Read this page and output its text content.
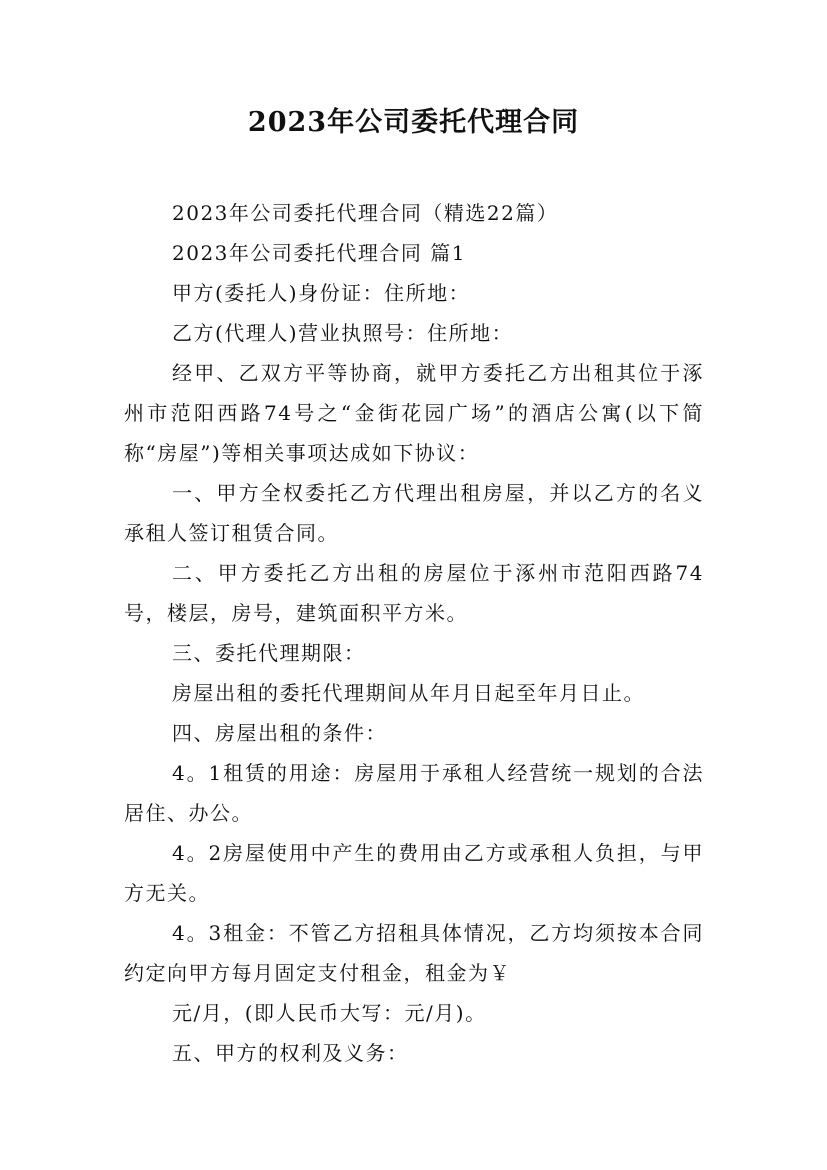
2023年公司委托代理合同

2023年公司委托代理合同（精选22篇）

2023年公司委托代理合同 篇1

甲方(委托人)身份证：住所地：

乙方(代理人)营业执照号：住所地：

经甲、乙双方平等协商，就甲方委托乙方出租其位于涿州市范阳西路74号之“金街花园广场”的酒店公寓(以下简称“房屋”)等相关事项达成如下协议：

一、甲方全权委托乙方代理出租房屋，并以乙方的名义承租人签订租赁合同。

二、甲方委托乙方出租的房屋位于涿州市范阳西路74号，楼层，房号，建筑面积平方米。

三、委托代理期限：

房屋出租的委托代理期间从年月日起至年月日止。

四、房屋出租的条件：

4。1租赁的用途：房屋用于承租人经营统一规划的合法居住、办公。

4。2房屋使用中产生的费用由乙方或承租人负担，与甲方无关。

4。3租金：不管乙方招租具体情况，乙方均须按本合同约定向甲方每月固定支付租金，租金为￥

元/月，(即人民币大写：元/月)。

五、甲方的权利及义务：
